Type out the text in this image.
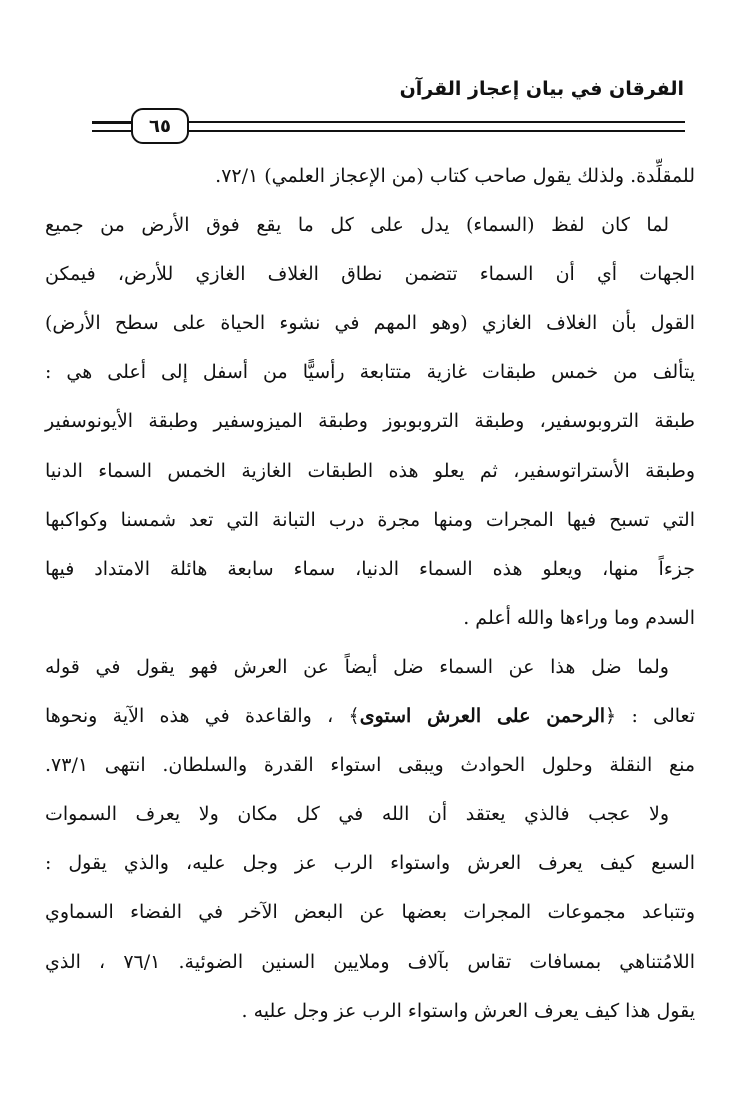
الفرقان في بيان إعجاز القرآن
٦٥
للمقلِّدة. ولذلك يقول صاحب كتاب (من الإعجاز العلمي) ٧٢/١.
لما كان لفظ (السماء) يدل على كل ما يقع فوق الأرض من جميع
الجهات أي أن السماء تتضمن نطاق الغلاف الغازي للأرض، فيمكن
القول بأن الغلاف الغازي (وهو المهم في نشوء الحياة على سطح الأرض)
يتألف من خمس طبقات غازية متتابعة رأسيًّا من أسفل إلى أعلى هي :
طبقة التروبوسفير، وطبقة التروبوبوز وطبقة الميزوسفير وطبقة الأيونوسفير
وطبقة الأستراتوسفير، ثم يعلو هذه الطبقات الغازية الخمس السماء الدنيا
التي تسبح فيها المجرات ومنها مجرة درب التبانة التي تعد شمسنا وكواكبها
جزءاً منها، ويعلو هذه السماء الدنيا، سماء سابعة هائلة الامتداد فيها
السدم وما وراءها والله أعلم .
ولما ضل هذا عن السماء ضل أيضاً عن العرش فهو يقول في قوله
تعالى : ﴿الرحمن على العرش استوى﴾ ، والقاعدة في هذه الآية ونحوها
منع النقلة وحلول الحوادث ويبقى استواء القدرة والسلطان. انتهى ٧٣/١.
ولا عجب فالذي يعتقد أن الله في كل مكان ولا يعرف السموات
السبع كيف يعرف العرش واستواء الرب عز وجل عليه، والذي يقول :
وتتباعد مجموعات المجرات بعضها عن البعض الآخر في الفضاء السماوي
اللامُتناهي بمسافات تقاس بآلاف وملايين السنين الضوئية. ٧٦/١ ، الذي
يقول هذا كيف يعرف العرش واستواء الرب عز وجل عليه .
